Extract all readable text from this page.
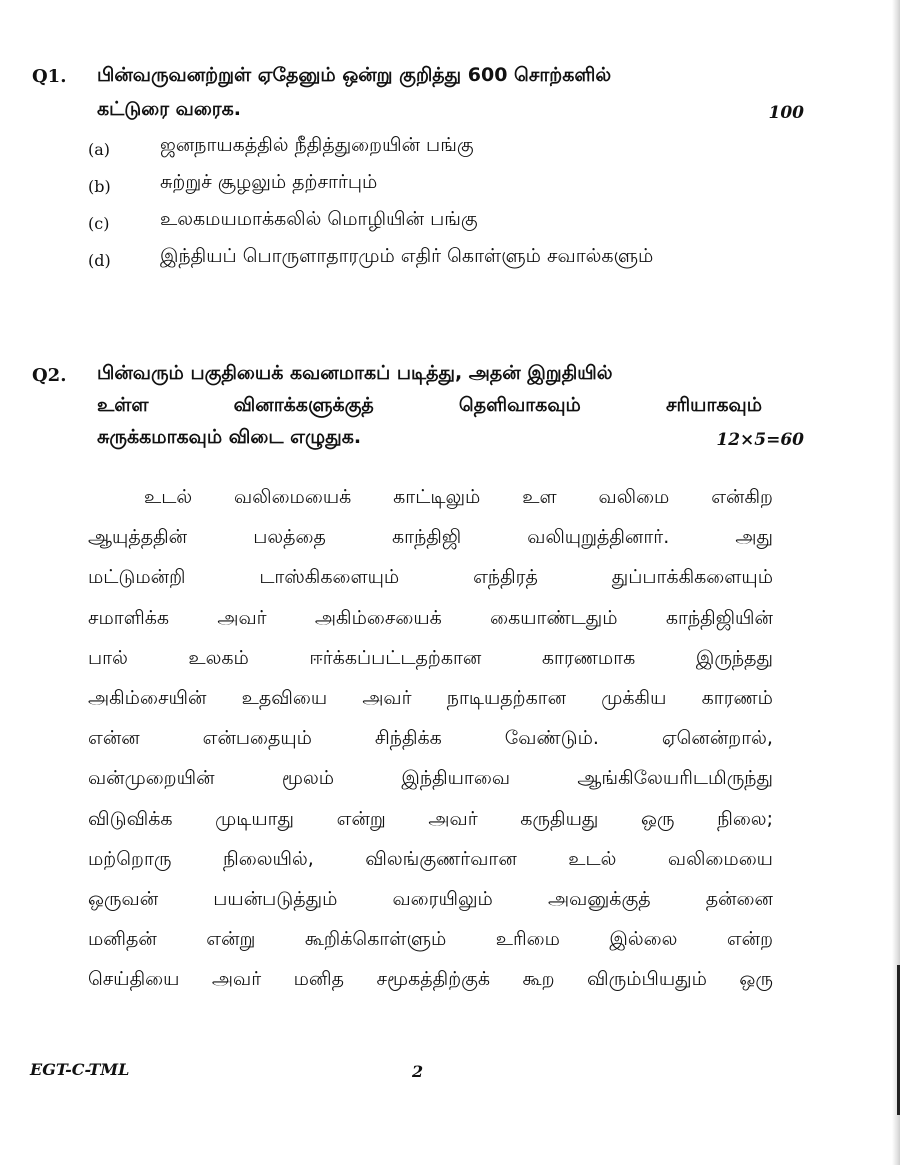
Q1. பின்வருவனற்றுள் ஏதேனும் ஒன்று குறித்து 600 சொற்களில்
கட்டுரை வரைக.	100
(a)	ஜனநாயகத்தில் நீதித்துறையின் பங்கு
(b)	சுற்றுச் சூழலும் தற்சார்பும்
(c)	உலகமயமாக்கலில் மொழியின் பங்கு
(d)	இந்தியப் பொருளாதாரமும் எதிர் கொள்ளும் சவால்களும்
Q2. பின்வரும் பகுதியைக் கவனமாகப் படித்து, அதன் இறுதியில்
உள்ள	வினாக்களுக்குத்	தெளிவாகவும்	சரியாகவும்
சுருக்கமாகவும் விடை எழுதுக.	12×5=60
உடல் வலிமையைக் காட்டிலும் உள வலிமை என்கிற
ஆயுத்ததின்	பலத்தை	காந்திஜி	வலியுறுத்தினார்.	அது
மட்டுமன்றி	டாஸ்கிகளையும்	எந்திரத்	துப்பாக்கிகளையும்
சமாளிக்க	அவர்	அகிம்சையைக்	கையாண்டதும்	காந்திஜியின்
பால்	உலகம்	ஈர்க்கப்பட்டதற்கான	காரணமாக	இருந்தது
அகிம்சையின் உதவியை அவர் நாடியதற்கான முக்கிய காரணம்
என்ன	என்பதையும்	சிந்திக்க	வேண்டும்.	ஏனென்றால்,
வன்முறையின்	மூலம்	இந்தியாவை	ஆங்கிலேயரிடமிருந்து
விடுவிக்க முடியாது என்று அவர் கருதியது ஒரு நிலை;
மற்றொரு	நிலையில்,	விலங்குணர்வான	உடல்	வலிமையை
ஒருவன்	பயன்படுத்தும்	வரையிலும்	அவனுக்குத்	தன்னை
மனிதன்	என்று	கூறிக்கொள்ளும்	உரிமை	இல்லை	என்ற
செய்தியை அவர் மனித சமூகத்திற்குக் கூற விரும்பியதும் ஒரு
EGT-C-TML	2
